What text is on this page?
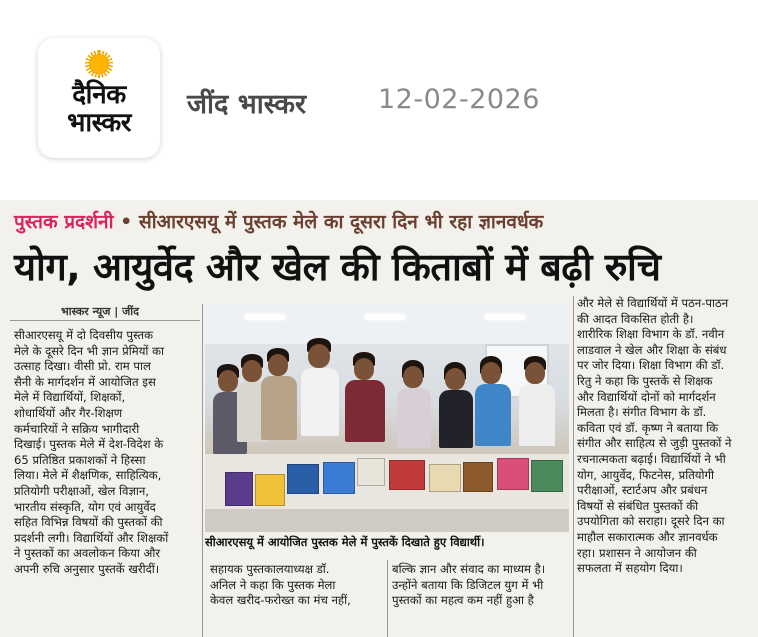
दैनिक
भास्कर
जींद भास्कर	12-02-2026
पुस्तक प्रदर्शनी • सीआरएसयू में पुस्तक मेले का दूसरा दिन भी रहा ज्ञानवर्धक
योग, आयुर्वेद और खेल की किताबों में बढ़ी रुचि
भास्कर न्यूज | जींद
सीआरएसयू में दो दिवसीय पुस्तक
मेले के दूसरे दिन भी ज्ञान प्रेमियों का
उत्साह दिखा। वीसी प्रो. राम पाल
सैनी के मार्गदर्शन में आयोजित इस
मेले में विद्यार्थियों, शिक्षकों,
शोधार्थियों और गैर-शिक्षण
कर्मचारियों ने सक्रिय भागीदारी
दिखाई। पुस्तक मेले में देश-विदेश के
65 प्रतिष्ठित प्रकाशकों ने हिस्सा
लिया। मेले में शैक्षणिक, साहित्यिक,
प्रतियोगी परीक्षाओं, खेल विज्ञान,
भारतीय संस्कृति, योग एवं आयुर्वेद
सहित विभिन्न विषयों की पुस्तकों की
प्रदर्शनी लगी। विद्यार्थियों और शिक्षकों
ने पुस्तकों का अवलोकन किया और
अपनी रुचि अनुसार पुस्तकें खरीदीं।
सीआरएसयू में आयोजित पुस्तक मेले में पुस्तकें दिखाते हुए विद्यार्थी।
सहायक पुस्तकालयाध्यक्ष डॉ.
अनिल ने कहा कि पुस्तक मेला
केवल खरीद-फरोख्त का मंच नहीं,
बल्कि ज्ञान और संवाद का माध्यम है।
उन्होंने बताया कि डिजिटल युग में भी
पुस्तकों का महत्व कम नहीं हुआ है
और मेले से विद्यार्थियों में पठन-पाठन
की आदत विकसित होती है।
शारीरिक शिक्षा विभाग के डॉ. नवीन
लाडवाल ने खेल और शिक्षा के संबंध
पर जोर दिया। शिक्षा विभाग की डॉ.
रितु ने कहा कि पुस्तकें से शिक्षक
और विद्यार्थियों दोनों को मार्गदर्शन
मिलता है। संगीत विभाग के डॉ.
कविता एवं डॉ. कृष्ण ने बताया कि
संगीत और साहित्य से जुड़ी पुस्तकों ने
रचनात्मकता बढ़ाई। विद्यार्थियों ने भी
योग, आयुर्वेद, फिटनेस, प्रतियोगी
परीक्षाओं, स्टार्टअप और प्रबंधन
विषयों से संबंधित पुस्तकों की
उपयोगिता को सराहा। दूसरे दिन का
माहौल सकारात्मक और ज्ञानवर्धक
रहा। प्रशासन ने आयोजन की
सफलता में सहयोग दिया।
